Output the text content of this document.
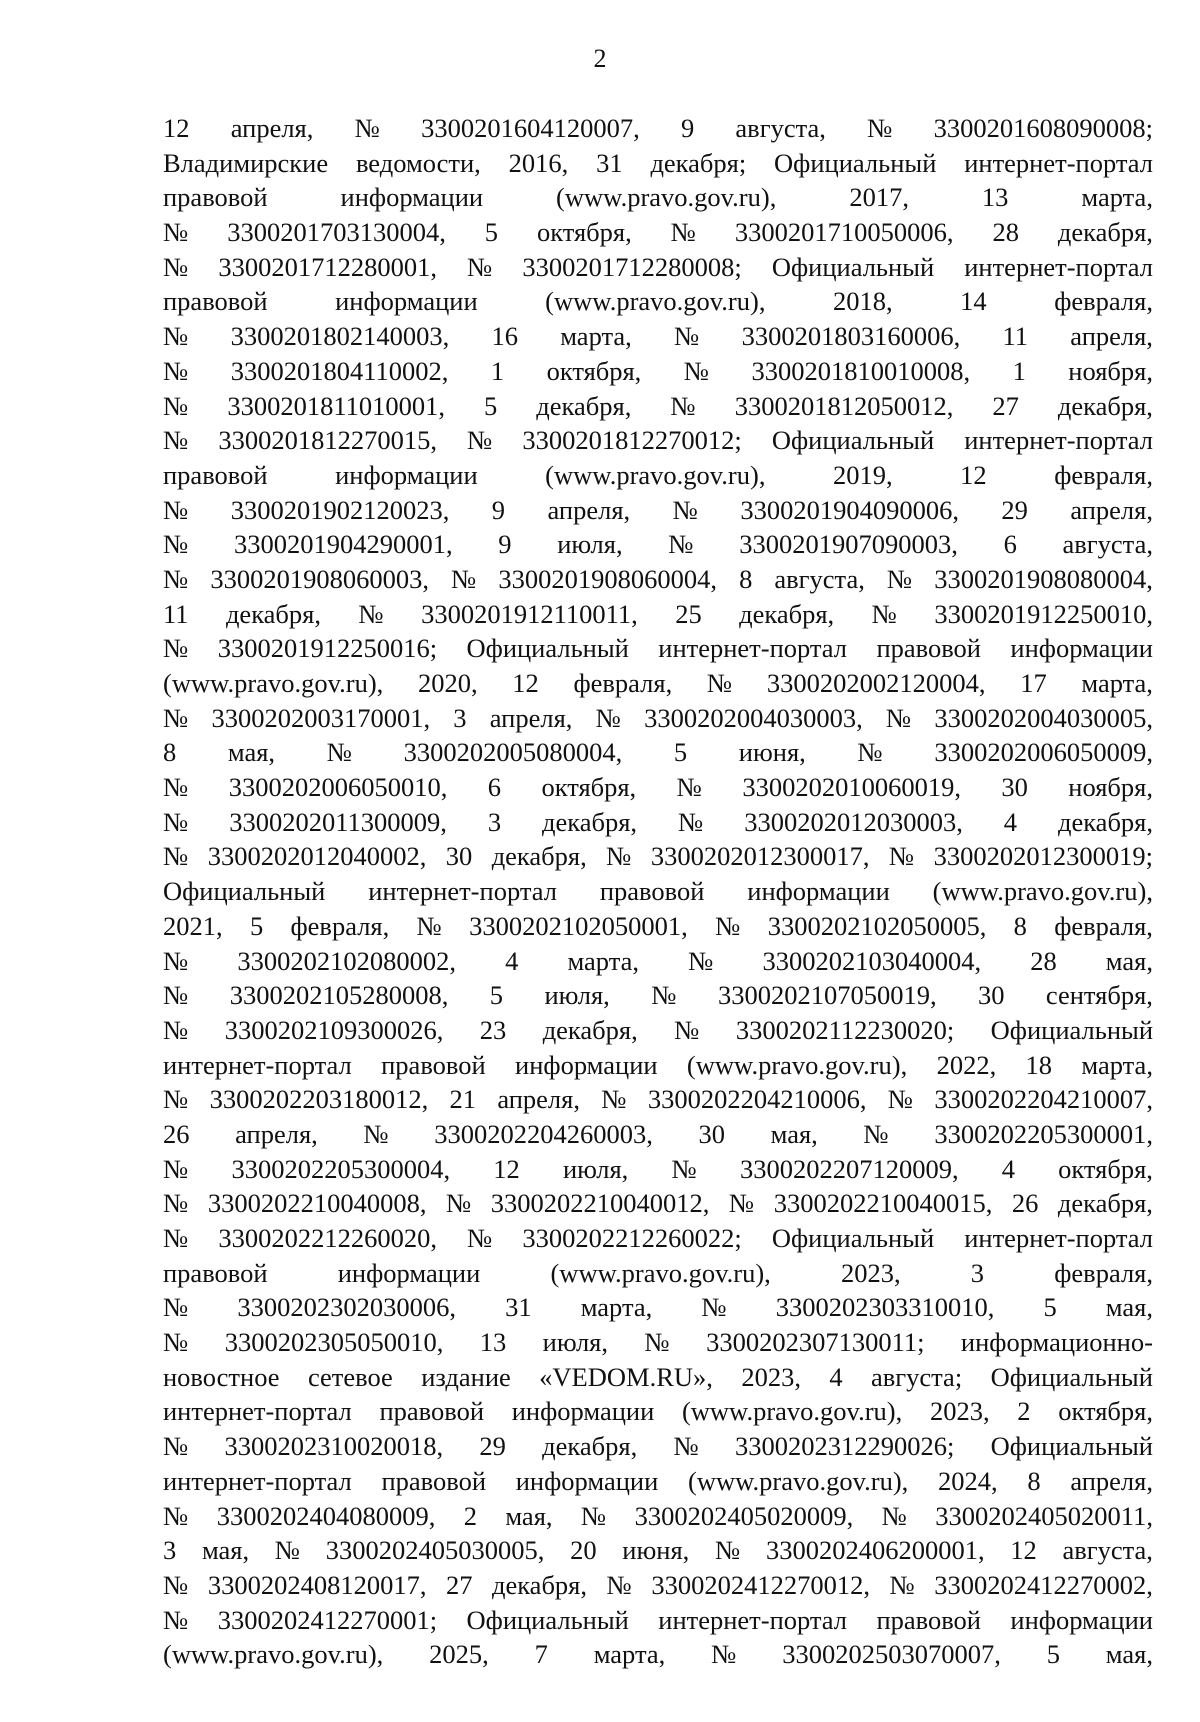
2
12 апреля, № 3300201604120007, 9 августа, № 3300201608090008;
Владимирские ведомости, 2016, 31 декабря; Официальный интернет-портал
правовой	информации	(www.pravo.gov.ru),	2017,	13	марта,
№ 3300201703130004, 5 октября, № 3300201710050006, 28 декабря,
№ 3300201712280001, № 3300201712280008; Официальный интернет-портал
правовой	информации	(www.pravo.gov.ru),	2018,	14	февраля,
№ 3300201802140003, 16 марта, № 3300201803160006, 11 апреля,
№ 3300201804110002, 1 октября, № 3300201810010008, 1 ноября,
№ 3300201811010001, 5 декабря, № 3300201812050012, 27 декабря,
№ 3300201812270015, № 3300201812270012; Официальный интернет-портал
правовой	информации	(www.pravo.gov.ru),	2019,	12	февраля,
№ 3300201902120023, 9 апреля, № 3300201904090006, 29 апреля,
№ 3300201904290001, 9 июля, № 3300201907090003, 6 августа,
№ 3300201908060003, № 3300201908060004, 8 августа, № 3300201908080004,
11 декабря, № 3300201912110011, 25 декабря, № 3300201912250010,
№ 3300201912250016; Официальный интернет-портал правовой информации
(www.pravo.gov.ru), 2020, 12 февраля, № 3300202002120004, 17 марта,
№ 3300202003170001, 3 апреля, № 3300202004030003, № 3300202004030005,
8 мая, № 3300202005080004, 5 июня, № 3300202006050009,
№ 3300202006050010, 6 октября, № 3300202010060019, 30 ноября,
№ 3300202011300009, 3 декабря, № 3300202012030003, 4 декабря,
№ 3300202012040002, 30 декабря, № 3300202012300017, № 3300202012300019;
Официальный интернет-портал правовой информации (www.pravo.gov.ru),
2021, 5 февраля, № 3300202102050001, № 3300202102050005, 8 февраля,
№ 3300202102080002, 4 марта, № 3300202103040004, 28 мая,
№ 3300202105280008, 5 июля, № 3300202107050019, 30 сентября,
№ 3300202109300026, 23 декабря, № 3300202112230020; Официальный
интернет-портал правовой информации (www.pravo.gov.ru), 2022, 18 марта,
№ 3300202203180012, 21 апреля, № 3300202204210006, № 3300202204210007,
26 апреля, № 3300202204260003, 30 мая, № 3300202205300001,
№ 3300202205300004, 12 июля, № 3300202207120009, 4 октября,
№ 3300202210040008, № 3300202210040012, № 3300202210040015, 26 декабря,
№ 3300202212260020, № 3300202212260022; Официальный интернет-портал
правовой	информации	(www.pravo.gov.ru),	2023,	3	февраля,
№ 3300202302030006, 31 марта, № 3300202303310010, 5 мая,
№ 3300202305050010, 13 июля, № 3300202307130011; информационно-
новостное сетевое издание «VEDOM.RU», 2023, 4 августа; Официальный
интернет-портал правовой информации (www.pravo.gov.ru), 2023, 2 октября,
№ 3300202310020018, 29 декабря, № 3300202312290026; Официальный
интернет-портал правовой информации (www.pravo.gov.ru), 2024, 8 апреля,
№ 3300202404080009, 2 мая, № 3300202405020009, № 3300202405020011,
3 мая, № 3300202405030005, 20 июня, № 3300202406200001, 12 августа,
№ 3300202408120017, 27 декабря, № 3300202412270012, № 3300202412270002,
№ 3300202412270001; Официальный интернет-портал правовой информации
(www.pravo.gov.ru), 2025, 7 марта, № 3300202503070007, 5 мая,
